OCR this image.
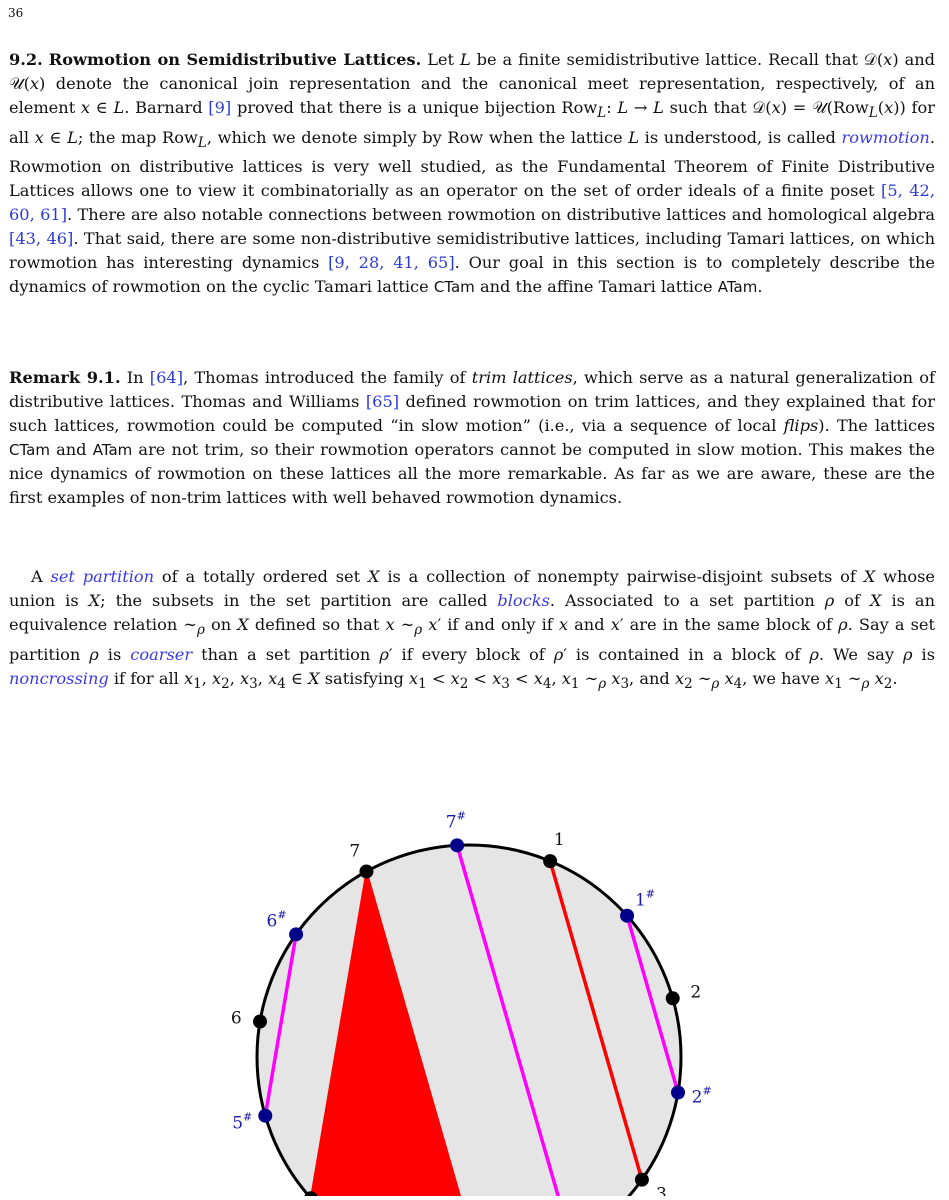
36
9.2. Rowmotion on Semidistributive Lattices. Let L be a finite semidistributive lattice. Recall that 𝒟(x) and 𝒰(x) denote the canonical join representation and the canonical meet representation, respectively, of an element x ∈ L. Barnard [9] proved that there is a unique bijection Row$_L$: L → L such that 𝒟(x) = 𝒰(Row$_L$(x)) for all x ∈ L; the map Row$_L$, which we denote simply by Row when the lattice L is understood, is called rowmotion. Rowmotion on distributive lattices is very well studied, as the Fundamental Theorem of Finite Distributive Lattices allows one to view it combinatorially as an operator on the set of order ideals of a finite poset [5, 42, 60, 61]. There are also notable connections between rowmotion on distributive lattices and homological algebra [43, 46]. That said, there are some non-distributive semidistributive lattices, including Tamari lattices, on which rowmotion has interesting dynamics [9, 28, 41, 65]. Our goal in this section is to completely describe the dynamics of rowmotion on the cyclic Tamari lattice CTam and the affine Tamari lattice ATam.
Remark 9.1. In [64], Thomas introduced the family of trim lattices, which serve as a natural generalization of distributive lattices. Thomas and Williams [65] defined rowmotion on trim lattices, and they explained that for such lattices, rowmotion could be computed “in slow motion” (i.e., via a sequence of local flips). The lattices CTam and ATam are not trim, so their rowmotion operators cannot be computed in slow motion. This makes the nice dynamics of rowmotion on these lattices all the more remarkable. As far as we are aware, these are the first examples of non-trim lattices with well behaved rowmotion dynamics.
A set partition of a totally ordered set X is a collection of nonempty pairwise-disjoint subsets of X whose union is X; the subsets in the set partition are called blocks. Associated to a set partition ρ of X is an equivalence relation $\sim_\rho$ on X defined so that x $\sim_\rho$ x′ if and only if x and x′ are in the same block of ρ. Say a set partition ρ is coarser than a set partition ρ′ if every block of ρ′ is contained in a block of ρ. We say ρ is noncrossing if for all $x_1$, $x_2$, $x_3$, $x_4$ ∈ X satisfying $x_1 < x_2 < x_3 < x_4$, $x_1$ $\sim_\rho$ $x_3$, and $x_2$ $\sim_\rho$ $x_4$, we have $x_1$ $\sim_\rho$ $x_2$.
1
2
3
6
7
1#
2#
5#
6#
7#
